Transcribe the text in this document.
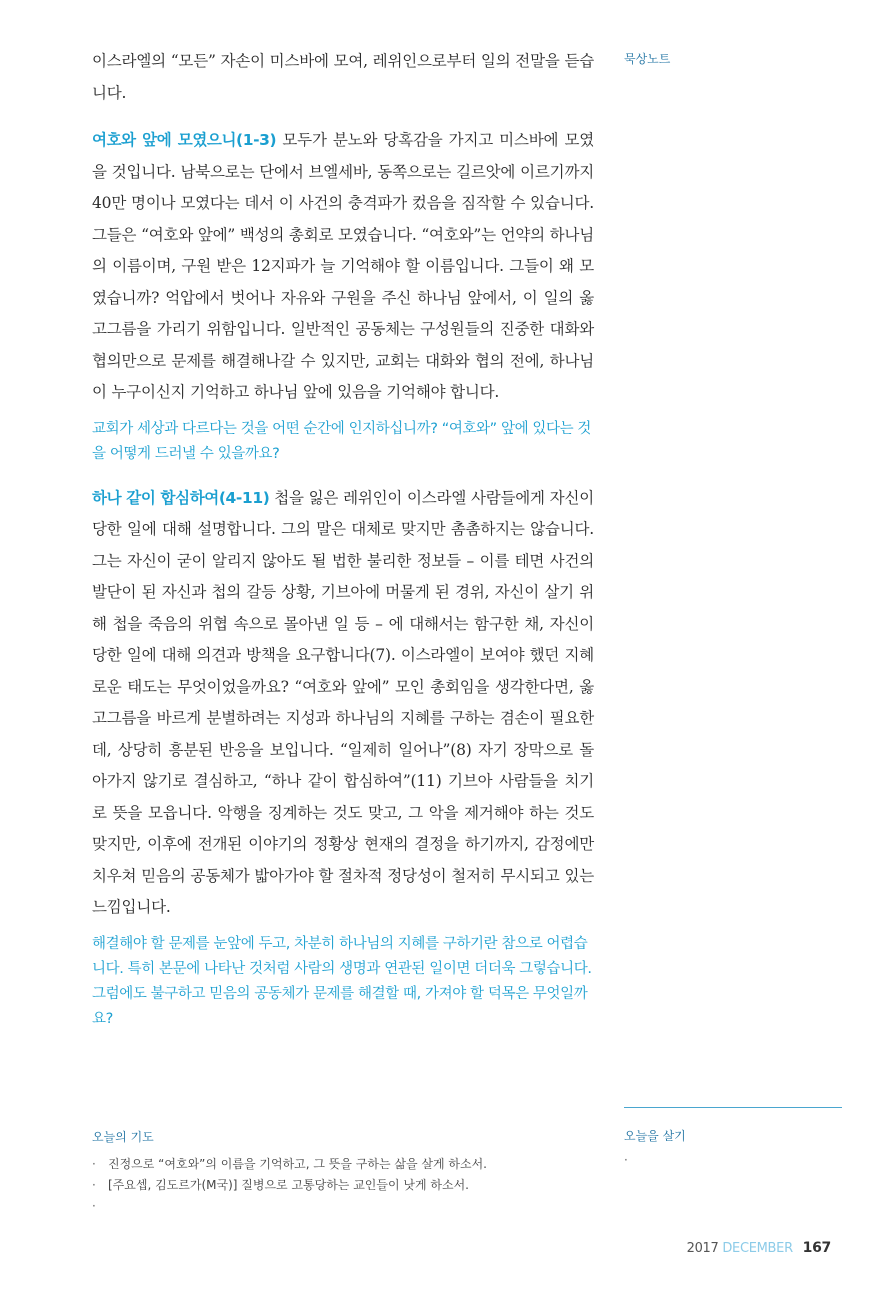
묵상노트

이스라엘의 “모든” 자손이 미스바에 모여, 레위인으로부터 일의 전말을 듣습니다.

여호와 앞에 모였으니(1-3) 모두가 분노와 당혹감을 가지고 미스바에 모였을 것입니다. 남북으로는 단에서 브엘세바, 동쪽으로는 길르앗에 이르기까지 40만 명이나 모였다는 데서 이 사건의 충격파가 컸음을 짐작할 수 있습니다. 그들은 “여호와 앞에” 백성의 총회로 모였습니다. “여호와”는 언약의 하나님의 이름이며, 구원 받은 12지파가 늘 기억해야 할 이름입니다. 그들이 왜 모였습니까? 억압에서 벗어나 자유와 구원을 주신 하나님 앞에서, 이 일의 옳고그름을 가리기 위함입니다. 일반적인 공동체는 구성원들의 진중한 대화와 협의만으로 문제를 해결해나갈 수 있지만, 교회는 대화와 협의 전에, 하나님이 누구이신지 기억하고 하나님 앞에 있음을 기억해야 합니다.

교회가 세상과 다르다는 것을 어떤 순간에 인지하십니까? “여호와” 앞에 있다는 것을 어떻게 드러낼 수 있을까요?

하나 같이 합심하여(4-11) 첩을 잃은 레위인이 이스라엘 사람들에게 자신이 당한 일에 대해 설명합니다. 그의 말은 대체로 맞지만 촘촘하지는 않습니다. 그는 자신이 굳이 알리지 않아도 될 법한 불리한 정보들 – 이를 테면 사건의 발단이 된 자신과 첩의 갈등 상황, 기브아에 머물게 된 경위, 자신이 살기 위해 첩을 죽음의 위협 속으로 몰아낸 일 등 – 에 대해서는 함구한 채, 자신이 당한 일에 대해 의견과 방책을 요구합니다(7). 이스라엘이 보여야 했던 지혜로운 태도는 무엇이었을까요? “여호와 앞에” 모인 총회임을 생각한다면, 옳고그름을 바르게 분별하려는 지성과 하나님의 지혜를 구하는 겸손이 필요한데, 상당히 흥분된 반응을 보입니다. “일제히 일어나”(8) 자기 장막으로 돌아가지 않기로 결심하고, “하나 같이 합심하여”(11) 기브아 사람들을 치기로 뜻을 모읍니다. 악행을 징계하는 것도 맞고, 그 악을 제거해야 하는 것도 맞지만, 이후에 전개된 이야기의 정황상 현재의 결정을 하기까지, 감정에만 치우쳐 믿음의 공동체가 밟아가야 할 절차적 정당성이 철저히 무시되고 있는 느낌입니다.

해결해야 할 문제를 눈앞에 두고, 차분히 하나님의 지혜를 구하기란 참으로 어렵습니다. 특히 본문에 나타난 것처럼 사람의 생명과 연관된 일이면 더더욱 그렇습니다. 그럼에도 불구하고 믿음의 공동체가 문제를 해결할 때, 가져야 할 덕목은 무엇일까요?

오늘의 기도
· 진정으로 “여호와”의 이름을 기억하고, 그 뜻을 구하는 삶을 살게 하소서.
· [주요셉, 김도르가(M국)] 질병으로 고통당하는 교인들이 낫게 하소서.
·
오늘을 살기
·
2017 DECEMBER 167
